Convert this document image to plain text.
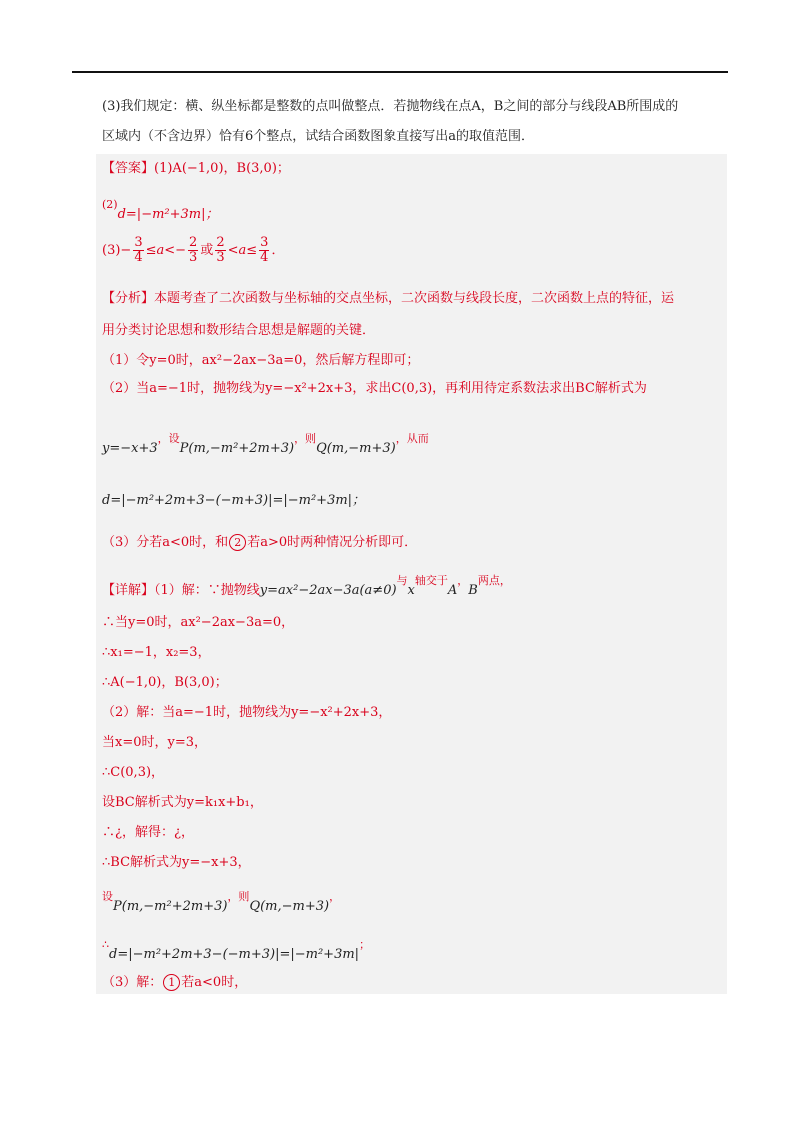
(3)我们规定：横、纵坐标都是整数的点叫做整点．若抛物线在点A，B之间的部分与线段AB所围成的
区域内（不含边界）恰有6个整点，试结合函数图象直接写出a的取值范围．
【答案】(1)A(−1,0)，B(3,0)；
$^{(2)}$d=|−m²+3m|；
$(3)- \frac{3}{4} \le a<- \frac{2}{3}$ 或 $\frac{2}{3} <a\le \frac{3}{4}$ ．
【分析】本题考查了二次函数与坐标轴的交点坐标，二次函数与线段长度，二次函数上点的特征，运
用分类讨论思想和数形结合思想是解题的关键．
（1）令y=0时，ax²−2ax−3a=0，然后解方程即可；
（2）当a=−1时，抛物线为y=−x²+2x+3，求出C(0,3)，再利用待定系数法求出BC解析式为
$y=-x+3^{,设}P(m,-m^2+2m+3)^{,则}Q(m,-m+3)^{,从而}$
d=|−m²+2m+3−(−m+3)|=|−m²+3m|；
（3）分若a<0时，和 2 若a>0时两种情况分析即可．
【详解】（1）解：∵抛物线$y=ax^2-2ax-3a(a\ne 0)^与x^{轴交于}A^,B^{两点,}$
∴当y=0时，ax²−2ax−3a=0，
∴x₁=−1，x₂=3，
∴A(−1,0)，B(3,0)；
（2）解：当a=−1时，抛物线为y=−x²+2x+3，
当x=0时，y=3，
∴C(0,3)，
设BC解析式为y=k₁x+b₁，
∴¿，解得：¿，
∴BC解析式为y=−x+3，
$^设P(m,-m^2+2m+3)^{,则}Q(m,-m+3)^,$
∴d=|−m²+2m+3−(−m+3)|=|−m²+3m|；
（3）解： 1 若a<0时，
